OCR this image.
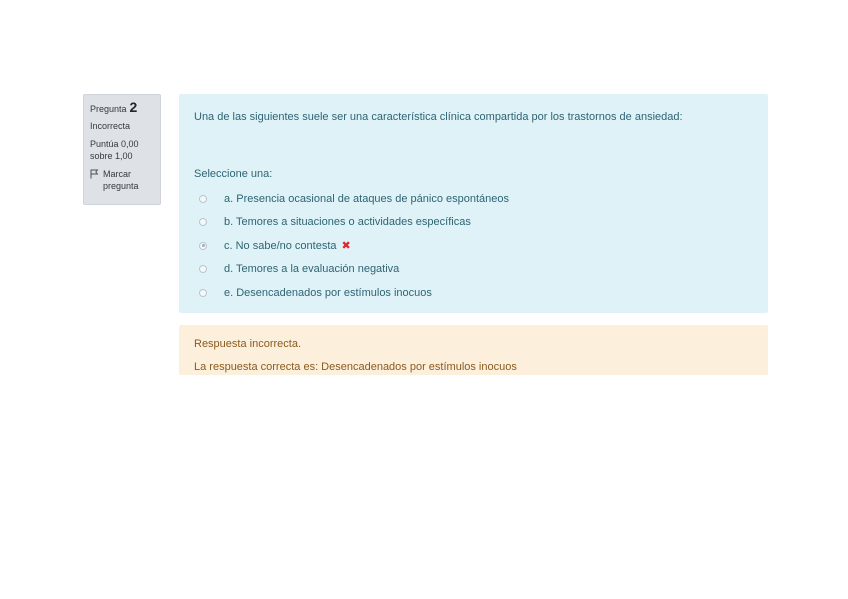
Pregunta 2
Incorrecta
Puntúa 0,00 sobre 1,00
Marcar pregunta
Una de las siguientes suele ser una característica clínica compartida por los trastornos de ansiedad:
Seleccione una:
a. Presencia ocasional de ataques de pánico espontáneos
b. Temores a situaciones o actividades específicas
c. No sabe/no contesta ✖
d. Temores a la evaluación negativa
e. Desencadenados por estímulos inocuos
Respuesta incorrecta.
La respuesta correcta es: Desencadenados por estímulos inocuos
